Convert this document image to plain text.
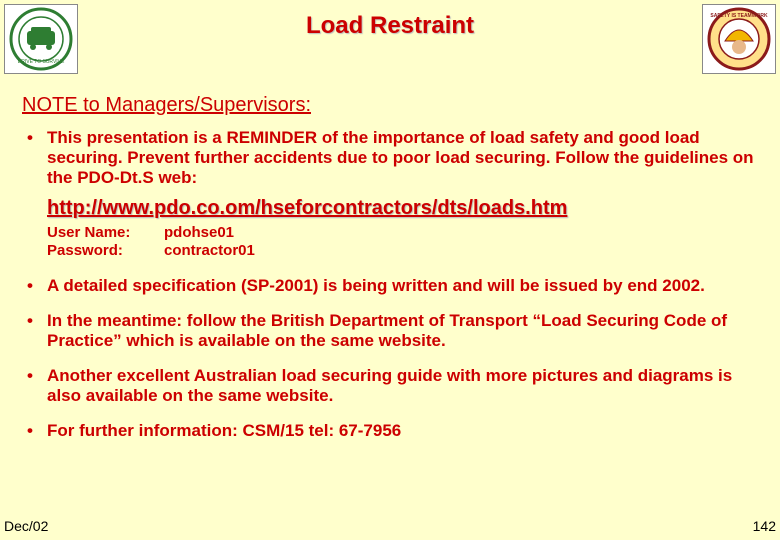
DRIVE TO SURVIVE
Load Restraint	SAFETY IS TEAMWORK
NOTE to Managers/Supervisors:
• This presentation is a REMINDER of the importance of load safety and good load securing. Prevent further accidents due to poor load securing. Follow the guidelines on the PDO-Dt.S web:
http://www.pdo.co.om/hseforcontractors/dts/loads.htm
User Name:	pdohse01
Password:	contractor01
• A detailed specification (SP-2001) is being written and will be issued by end 2002.
• In the meantime: follow the British Department of Transport “Load Securing Code of Practice” which is available on the same website.
• Another excellent Australian load securing guide with more pictures and diagrams is also available on the same website.
• For further information: CSM/15 tel: 67-7956
Dec/02	142
